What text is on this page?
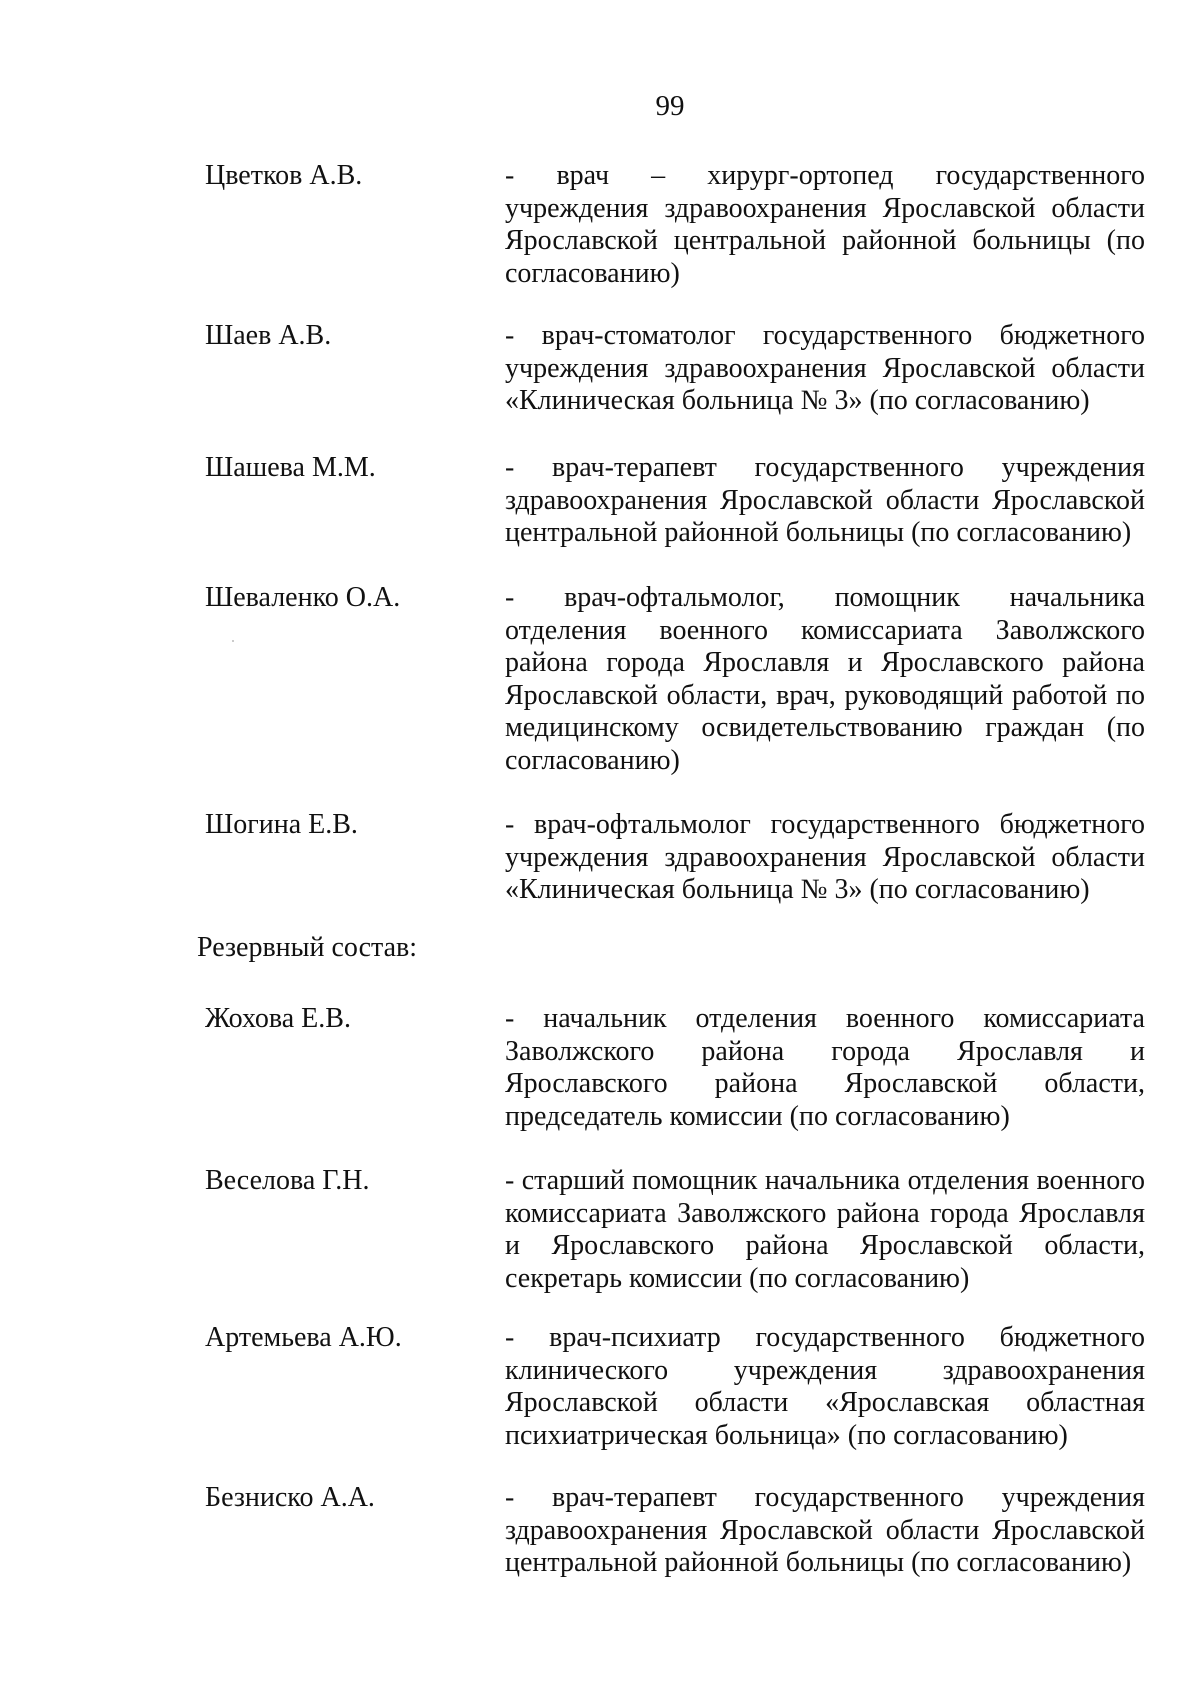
99
Цветков А.В.	- врач – хирург-ортопед государственного учреждения здравоохранения Ярославской области Ярославской центральной районной больницы (по согласованию)
Шаев А.В.	- врач-стоматолог государственного бюджетного учреждения здравоохранения Ярославской области «Клиническая больница № 3» (по согласованию)
Шашева М.М.	- врач-терапевт государственного учреждения здравоохранения Ярославской области Ярославской центральной районной больницы (по согласованию)
Шеваленко О.А.	- врач-офтальмолог, помощник начальника отделения военного комиссариата Заволжского района города Ярославля и Ярославского района Ярославской области, врач, руководящий работой по медицинскому освидетельствованию граждан (по согласованию)
Шогина Е.В.	- врач-офтальмолог государственного бюджетного учреждения здравоохранения Ярославской области «Клиническая больница № 3» (по согласованию)
Резервный состав:
Жохова Е.В.	- начальник отделения военного комиссариата Заволжского района города Ярославля и Ярославского района Ярославской области, председатель комиссии (по согласованию)
Веселова Г.Н.	- старший помощник начальника отделения военного комиссариата Заволжского района города Ярославля и Ярославского района Ярославской области, секретарь комиссии (по согласованию)
Артемьева А.Ю.	- врач-психиатр государственного бюджетного клинического учреждения здравоохранения Ярославской области «Ярославская областная психиатрическая больница» (по согласованию)
Безниско А.А.	- врач-терапевт государственного учреждения здравоохранения Ярославской области Ярославской центральной районной больницы (по согласованию)
